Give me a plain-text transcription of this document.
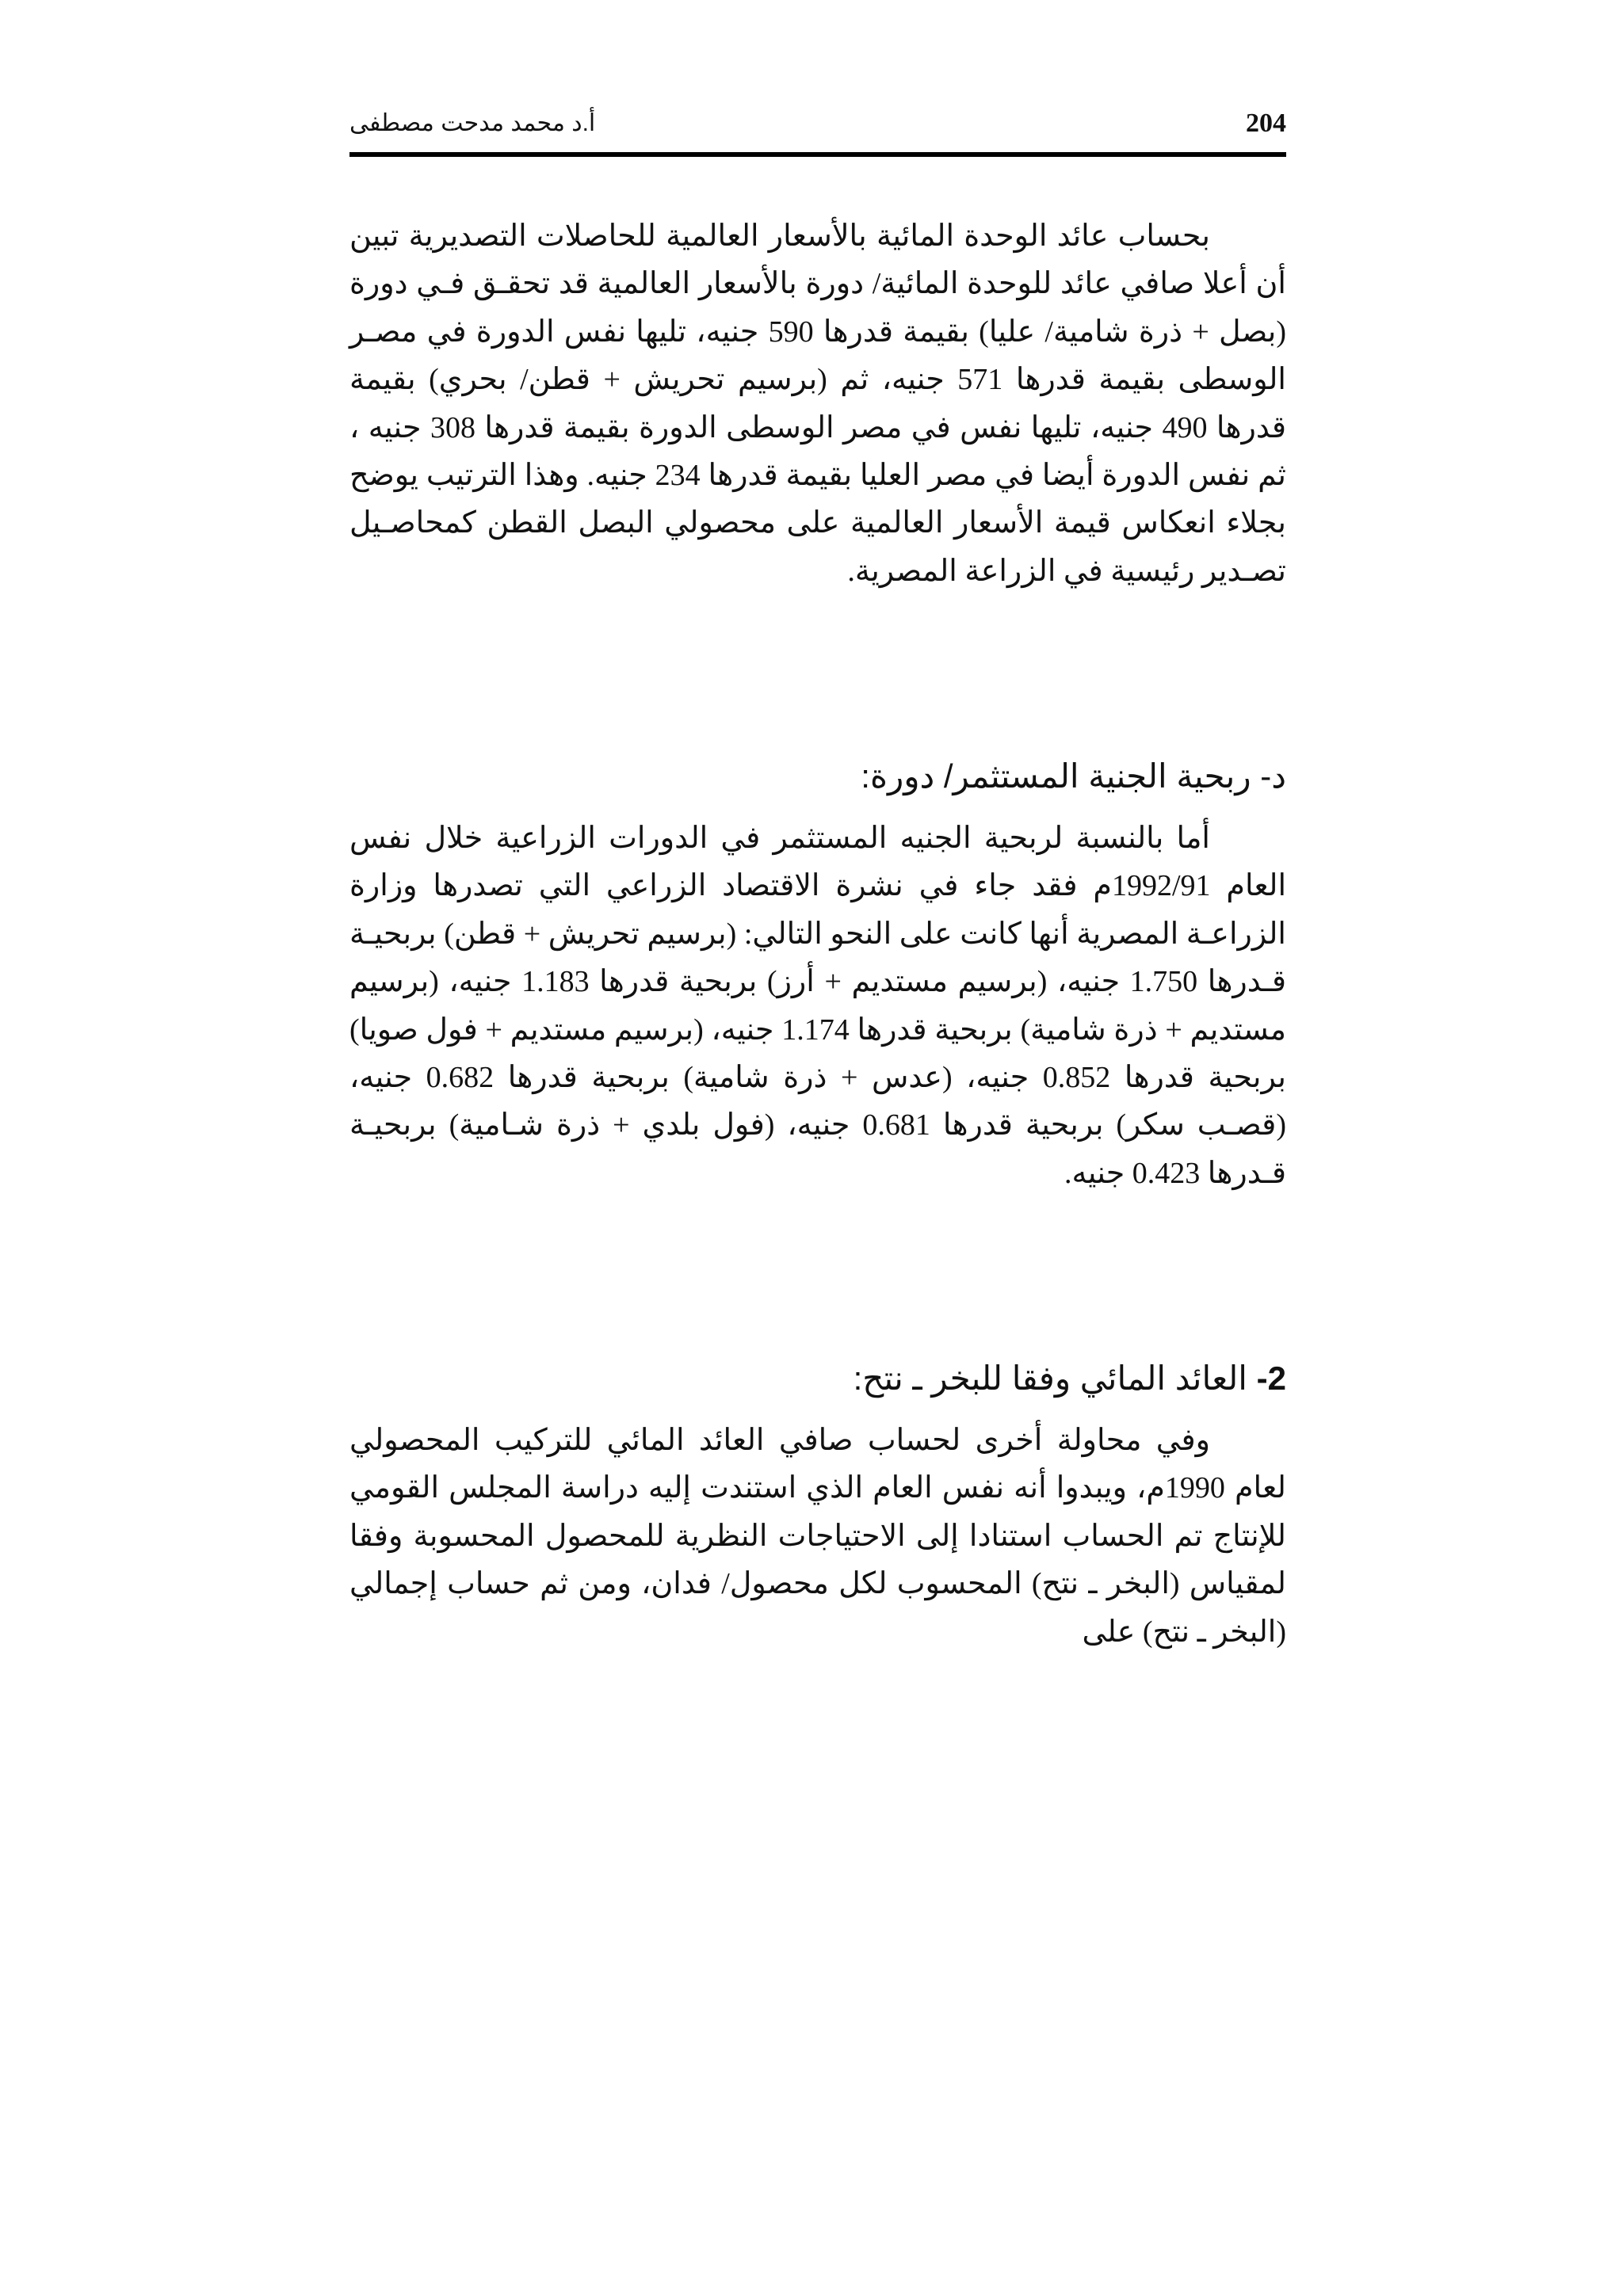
204
أ.د محمد مدحت مصطفى

بحساب عائد الوحدة المائية بالأسعار العالمية للحاصلات التصديرية تبين أن أعلا صافي عائد للوحدة المائية/ دورة بالأسعار العالمية قد تحقـق فـي دورة (بصل + ذرة شامية/ عليا) بقيمة قدرها 590 جنيه، تليها نفس الدورة في مصـر الوسطى بقيمة قدرها 571 جنيه، ثم (برسيم تحريش + قطن/ بحري) بقيمة قدرها 490 جنيه، تليها نفس في مصر الوسطى الدورة بقيمة قدرها 308 جنيه ، ثم نفس الدورة أيضا في مصر العليا بقيمة قدرها 234 جنيه. وهذا الترتيب يوضح بجلاء انعكاس قيمة الأسعار العالمية على محصولي البصل القطن كمحاصـيل تصـدير رئيسية في الزراعة المصرية.

د- ربحية الجنية المستثمر/ دورة:

أما بالنسبة لربحية الجنيه المستثمر في الدورات الزراعية خلال نفس العام 1992/91م فقد جاء في نشرة الاقتصاد الزراعي التي تصدرها وزارة الزراعـة المصرية أنها كانت على النحو التالي: (برسيم تحريش + قطن) بربحيـة قـدرها 1.750 جنيه، (برسيم مستديم + أرز) بربحية قدرها 1.183 جنيه، (برسيم مستديم + ذرة شامية) بربحية قدرها 1.174 جنيه، (برسيم مستديم + فول صويا) بربحية قدرها 0.852 جنيه، (عدس + ذرة شامية) بربحية قدرها 0.682 جنيه، (قصـب سكر) بربحية قدرها 0.681 جنيه، (فول بلدي + ذرة شـامية) بربحيـة قـدرها 0.423 جنيه.

2- العائد المائي وفقا للبخر ـ نتح:

وفي محاولة أخرى لحساب صافي العائد المائي للتركيب المحصولي لعام 1990م، ويبدوا أنه نفس العام الذي استندت إليه دراسة المجلس القومي للإنتاج تم الحساب استنادا إلى الاحتياجات النظرية للمحصول المحسوبة وفقا لمقياس (البخر ـ نتح) المحسوب لكل محصول/ فدان، ومن ثم حساب إجمالي (البخر ـ نتح) على
